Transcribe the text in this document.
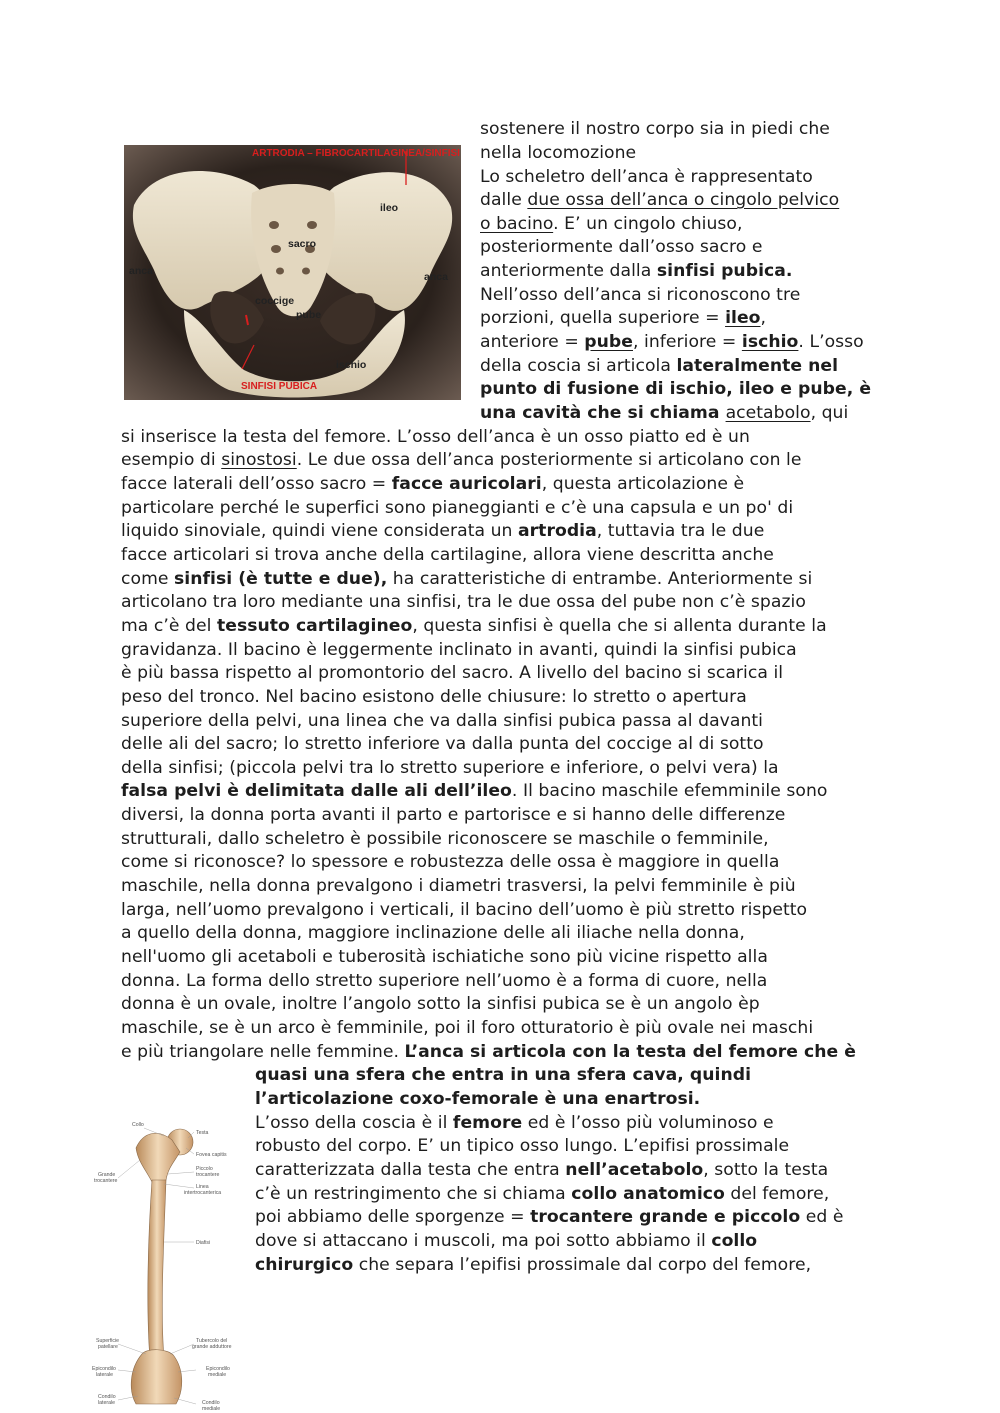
ARTRODIA – FIBROCARTILAGINEA/SINFISI
ileo
sacro
anca	anca
coccige
pube
ischio
SINFISI PUBICA
Collo
Testa
Fovea capitis
Grande
trocantere
Piccolo
trocantere
Linea
intertrocanterica
Diafisi
Superficie
patellare
Tubercolo del
grande adduttore
Epicondilo
laterale
Epicondilo
mediale
Condilo
laterale	Condilo
mediale
sostenere il nostro corpo sia in piedi che
nella locomozione
Lo scheletro dell’anca è rappresentato
dalle due ossa dell’anca o cingolo pelvico
o bacino. E’ un cingolo chiuso,
posteriormente dall’osso sacro e
anteriormente dalla sinfisi pubica.
Nell’osso dell’anca si riconoscono tre
porzioni, quella superiore = ileo,
anteriore = pube, inferiore = ischio. L’osso
della coscia si articola lateralmente nel
punto di fusione di ischio, ileo e pube, è
una cavità che si chiama acetabolo, qui
si inserisce la testa del femore. L’osso dell’anca è un osso piatto ed è un
esempio di sinostosi. Le due ossa dell’anca posteriormente si articolano con le
facce laterali dell’osso sacro = facce auricolari, questa articolazione è
particolare perché le superfici sono pianeggianti e c’è una capsula e un po' di
liquido sinoviale, quindi viene considerata un artrodia, tuttavia tra le due
facce articolari si trova anche della cartilagine, allora viene descritta anche
come sinfisi (è tutte e due), ha caratteristiche di entrambe. Anteriormente si
articolano tra loro mediante una sinfisi, tra le due ossa del pube non c’è spazio
ma c’è del tessuto cartilagineo, questa sinfisi è quella che si allenta durante la
gravidanza. Il bacino è leggermente inclinato in avanti, quindi la sinfisi pubica
è più bassa rispetto al promontorio del sacro. A livello del bacino si scarica il
peso del tronco. Nel bacino esistono delle chiusure: lo stretto o apertura
superiore della pelvi, una linea che va dalla sinfisi pubica passa al davanti
delle ali del sacro; lo stretto inferiore va dalla punta del coccige al di sotto
della sinfisi; (piccola pelvi tra lo stretto superiore e inferiore, o pelvi vera) la
falsa pelvi è delimitata dalle ali dell’ileo. Il bacino maschile efemminile sono
diversi, la donna porta avanti il parto e partorisce e si hanno delle differenze
strutturali, dallo scheletro è possibile riconoscere se maschile o femminile,
come si riconosce? lo spessore e robustezza delle ossa è maggiore in quella
maschile, nella donna prevalgono i diametri trasversi, la pelvi femminile è più
larga, nell’uomo prevalgono i verticali, il bacino dell’uomo è più stretto rispetto
a quello della donna, maggiore inclinazione delle ali iliache nella donna,
nell'uomo gli acetaboli e tuberosità ischiatiche sono più vicine rispetto alla
donna. La forma dello stretto superiore nell’uomo è a forma di cuore, nella
donna è un ovale, inoltre l’angolo sotto la sinfisi pubica se è un angolo èp
maschile, se è un arco è femminile, poi il foro otturatorio è più ovale nei maschi
e più triangolare nelle femmine. L’anca si articola con la testa del femore che è
quasi una sfera che entra in una sfera cava, quindi
l’articolazione coxo-femorale è una enartrosi.
L’osso della coscia è il femore ed è l’osso più voluminoso e
robusto del corpo. E’ un tipico osso lungo. L’epifisi prossimale
caratterizzata dalla testa che entra nell’acetabolo, sotto la testa
c’è un restringimento che si chiama collo anatomico del femore,
poi abbiamo delle sporgenze = trocantere grande e piccolo ed è
dove si attaccano i muscoli, ma poi sotto abbiamo il collo
chirurgico che separa l’epifisi prossimale dal corpo del femore,
